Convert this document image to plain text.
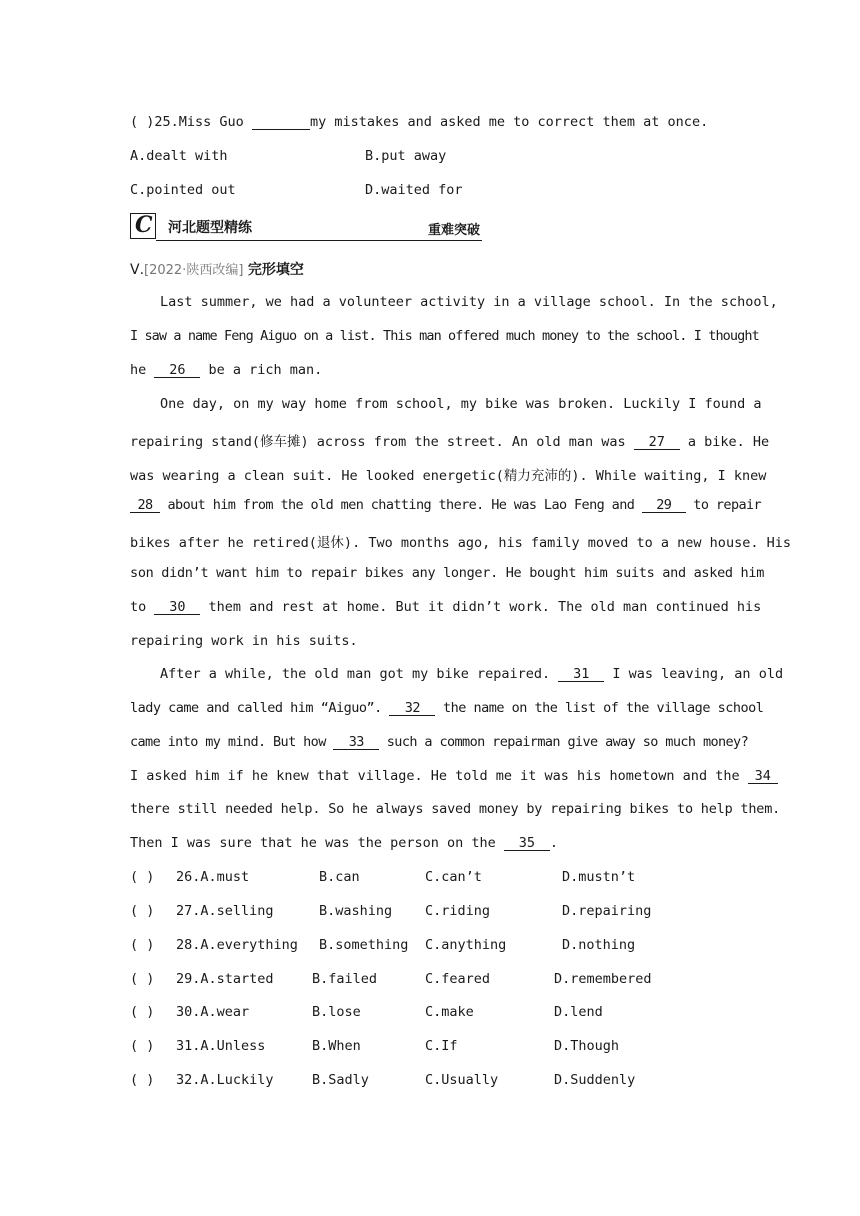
( )25.Miss Guo	my mistakes and asked me to correct them at once.
A.dealt with	B.put away
C.pointed out	D.waited for
C 河北题型精练	重难突破
Ⅴ.[2022·陕西改编] 完形填空
Last summer, we had a volunteer activity in a village school. In the school,
I saw a name Feng Aiguo on a list. This man offered much money to the school. I thought
he 26 be a rich man.
One day, on my way home from school, my bike was broken. Luckily I found a
repairing stand(修车摊) across from the street. An old man was 27 a bike. He
was wearing a clean suit. He looked energetic(精力充沛的). While waiting, I knew
28 about him from the old men chatting there. He was Lao Feng and 29 to repair
bikes after he retired(退休). Two months ago, his family moved to a new house. His
son didn’t want him to repair bikes any longer. He bought him suits and asked him
to 30 them and rest at home. But it didn’t work. The old man continued his
repairing work in his suits.
After a while, the old man got my bike repaired. 31 I was leaving, an old
lady came and called him “Aiguo”. 32 the name on the list of the village school
came into my mind. But how 33 such a common repairman give away so much money?
I asked him if he knew that village. He told me it was his hometown and the 34
there still needed help. So he always saved money by repairing bikes to help them.
Then I was sure that he was the person on the 35 .
( ) 26.A.must	B.can	C.can’t	D.mustn’t
( ) 27.A.selling	B.washing C.riding	D.repairing
( ) 28.A.everything B.something C.anything	D.nothing
( ) 29.A.started	B.failed	C.feared	D.remembered
( ) 30.A.wear	B.lose	C.make	D.lend
( ) 31.A.Unless	B.When	C.If	D.Though
( ) 32.A.Luckily	B.Sadly	C.Usually	D.Suddenly
